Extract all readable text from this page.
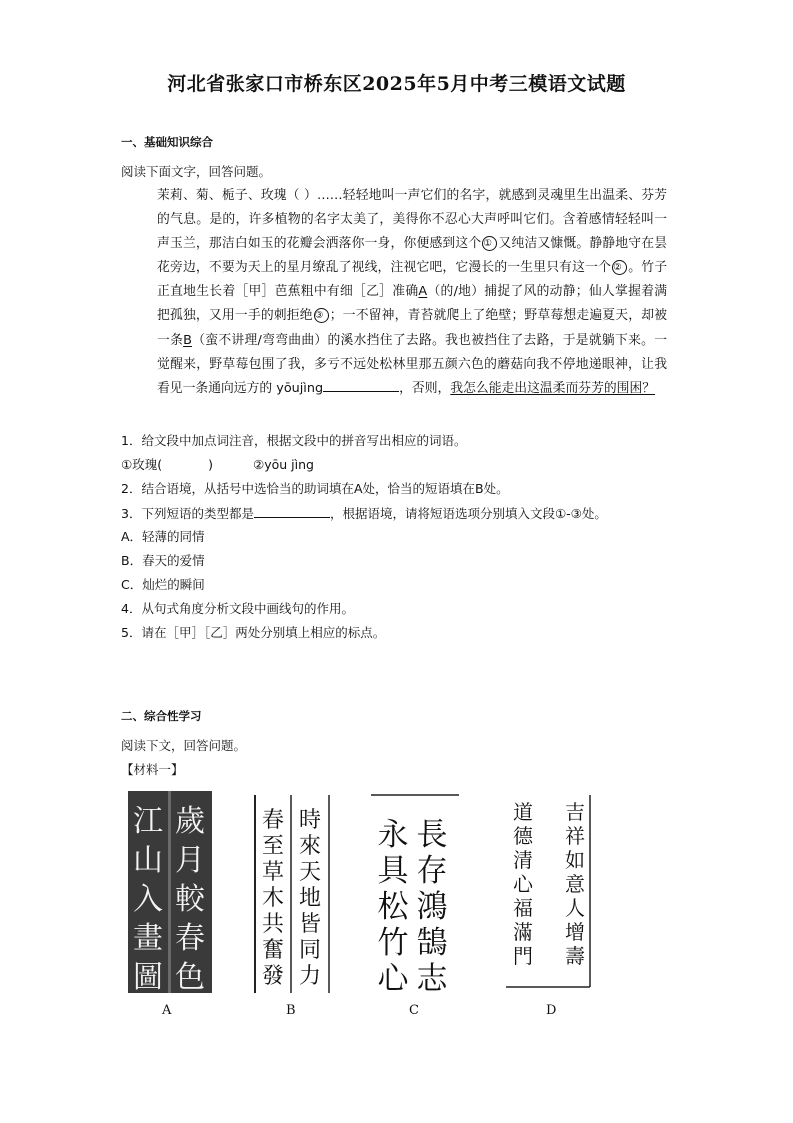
河北省张家口市桥东区2025年5月中考三模语文试题
一、基础知识综合
阅读下面文字，回答问题。

茉莉、菊、栀子、玫瑰（ ）……轻轻地叫一声它们的名字，就感到灵魂里生出温柔、芬芳的气息。是的，许多植物的名字太美了，美得你不忍心大声呼叫它们。含着感情轻轻叫一声玉兰，那洁白如玉的花瓣会洒落你一身，你便感到这个 ① 又纯洁又慷慨。静静地守在昙花旁边，不要为天上的星月缭乱了视线，注视它吧，它漫长的一生里只有这一个 ② 。竹子正直地生长着［甲］芭蕉粗中有细［乙］准确A（的/地）捕捉了风的动静；仙人掌握着满把孤独，又用一手的刺拒绝 ③ ；一不留神，青苔就爬上了绝壁；野草莓想走遍夏天，却被一条B（蛮不讲理/弯弯曲曲）的溪水挡住了去路。我也被挡住了去路，于是就躺下来。一觉醒来，野草莓包围了我，多亏不远处松林里那五颜六色的蘑菇向我不停地递眼神，让我看见一条通向远方的 yōujìng	，否则，我怎么能走出这温柔而芬芳的围困？

1．给文段中加点词注音，根据文段中的拼音写出相应的词语。
①玫瑰(	)	②yōu jìng
2．结合语境，从括号中选恰当的助词填在A处，恰当的短语填在B处。
3．下列短语的类型都是	，根据语境，请将短语选项分别填入文段①-③处。
A．轻薄的同情
B．春天的爱情
C．灿烂的瞬间
4．从句式角度分析文段中画线句的作用。
5．请在［甲］［乙］两处分别填上相应的标点。
二、综合性学习
阅读下文，回答问题。
【材料一】
歲
月
較
春
色
江
山
入
畫
圖
時
來
天
地
皆
同
力
春
至
草
木
共
奮
發
長
存
鴻
鵠
志
永
具
松
竹
心
吉
祥
如
意
人
增
壽
道
德
清
心
福
滿
門
A	B	C	D
